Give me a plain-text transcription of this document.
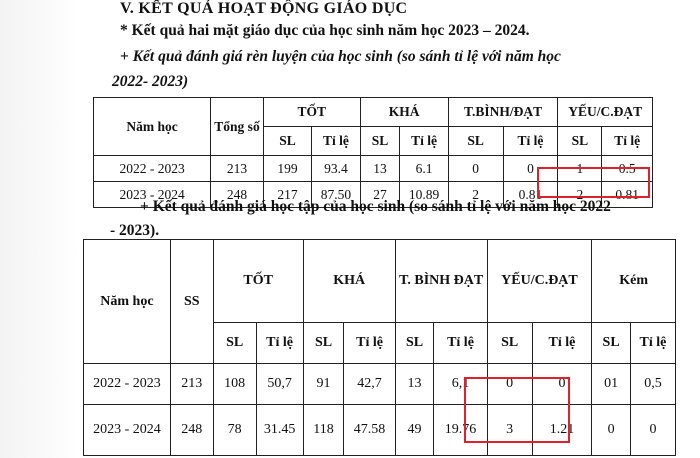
V. KẾT QUẢ HOẠT ĐỘNG GIÁO DỤC
* Kết quả hai mặt giáo dục của học sinh năm học 2023 – 2024.
+ Kết quả đánh giá rèn luyện của học sinh (so sánh tỉ lệ với năm học
2022- 2023)
Năm học	Tổng số	TỐT		KHÁ		T.BÌNH/ĐẠT		YẾU/C.ĐẠT	
		SL	Tỉ lệ	SL	Tỉ lệ	SL	Tỉ lệ	SL	Tỉ lệ
2022 - 2023	213	199	93.4	13	6.1	0	0	1	0.5
2023 - 2024	248	217	87.50	27	10.89	2	0.81	2	0.81
+ Kết quả đánh giá học tập của học sinh (so sánh tỉ lệ với năm học 2022
- 2023).
Năm học	SS	TỐT		KHÁ		T. BÌNH ĐẠT		YẾU/C.ĐẠT		Kém	
		SL	Tỉ lệ	SL	Tỉ lệ	SL	Tỉ lệ	SL	Tỉ lệ	SL	Tỉ lệ
2022 - 2023	213	108	50,7	91	42,7	13	6,1	0	0	01	0,5
2023 - 2024	248	78	31.45	118	47.58	49	19.76	3	1.21	0	0
